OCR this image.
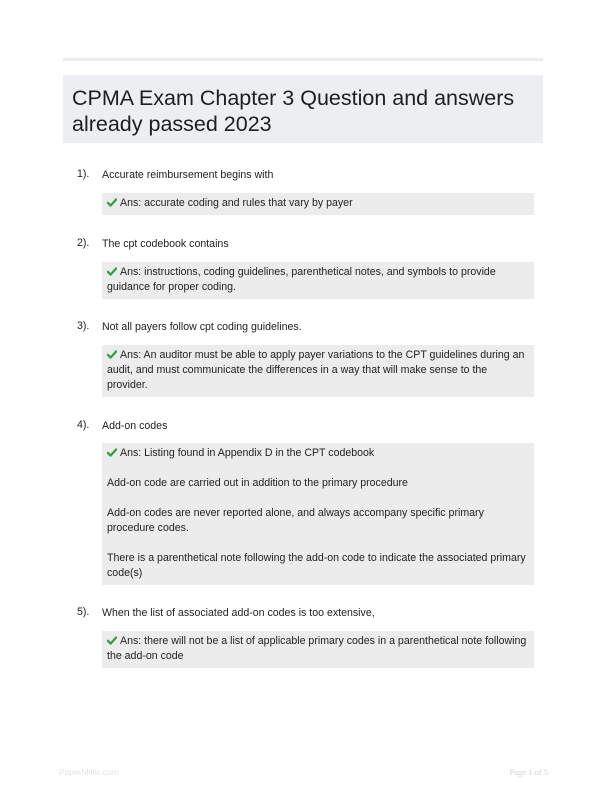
CPMA Exam Chapter 3 Question and answers already passed 2023
1). Accurate reimbursement begins with

Ans: accurate coding and rules that vary by payer

2). The cpt codebook contains

Ans: instructions, coding guidelines, parenthetical notes, and symbols to provide guidance for proper coding.

3). Not all payers follow cpt coding guidelines.

Ans: An auditor must be able to apply payer variations to the CPT guidelines during an audit, and must communicate the differences in a way that will make sense to the provider.

4). Add-on codes

Ans: Listing found in Appendix D in the CPT codebook

Add-on code are carried out in addition to the primary procedure

Add-on codes are never reported alone, and always accompany specific primary procedure codes.

There is a parenthetical note following the add-on code to indicate the associated primary code(s)

5). When the list of associated add-on codes is too extensive,

Ans: there will not be a list of applicable primary codes in a parenthetical note following the add-on code

PaperMillic.com	Page 1 of 5
